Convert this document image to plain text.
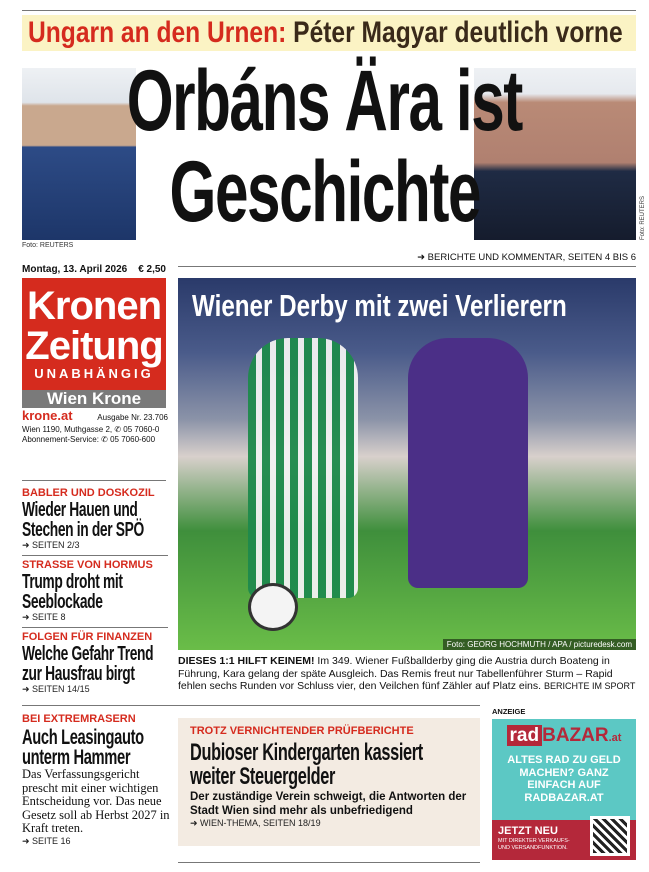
Ungarn an den Urnen: Péter Magyar deutlich vorne
Orbáns Ära ist
Geschichte
Foto: REUTERS
Foto: REUTERS
➜ BERICHTE UND KOMMENTAR, SEITEN 4 BIS 6
Montag, 13. April 2026 € 2,50
Kronen
Zeitung
UNABHÄNGIG
Wien Krone
krone.at	Ausgabe Nr. 23.706
Wien 1190, Muthgasse 2, ✆ 05 7060-0
Abonnement-Service: ✆ 05 7060-600
Wiener Derby mit zwei Verlierern
Foto: GEORG HOCHMUTH / APA / picturedesk.com
DIESES 1:1 HILFT KEINEM! Im 349. Wiener Fußballderby ging die Austria durch Boateng in Führung, Kara gelang der späte Ausgleich. Das Remis freut nur Tabellenführer Sturm – Rapid fehlen sechs Runden vor Schluss vier, den Veilchen fünf Zähler auf Platz eins. BERICHTE IM SPORT
BABLER UND DOSKOZIL
Wieder Hauen und Stechen in der SPÖ
➜ SEITEN 2/3
STRASSE VON HORMUS
Trump droht mit Seeblockade
➜ SEITE 8
FOLGEN FÜR FINANZEN
Welche Gefahr Trend zur Hausfrau birgt
➜ SEITEN 14/15
BEI EXTREMRASERN
Auch Leasingauto unterm Hammer
Das Verfassungsgericht prescht mit einer wichtigen Entscheidung vor. Das neue Gesetz soll ab Herbst 2027 in Kraft treten.
➜ SEITE 16
TROTZ VERNICHTENDER PRÜFBERICHTE
Dubioser Kindergarten kassiert weiter Steuergelder
Der zuständige Verein schweigt, die Antworten der Stadt Wien sind mehr als unbefriedigend
➜ WIEN-THEMA, SEITEN 18/19
ANZEIGE
rad BAZAR.at
ALTES RAD ZU GELD MACHEN? GANZ EINFACH AUF RADBAZAR.AT
JETZT NEU
MIT DIREKTER VERKAUFS- UND VERSANDFUNKTION.
